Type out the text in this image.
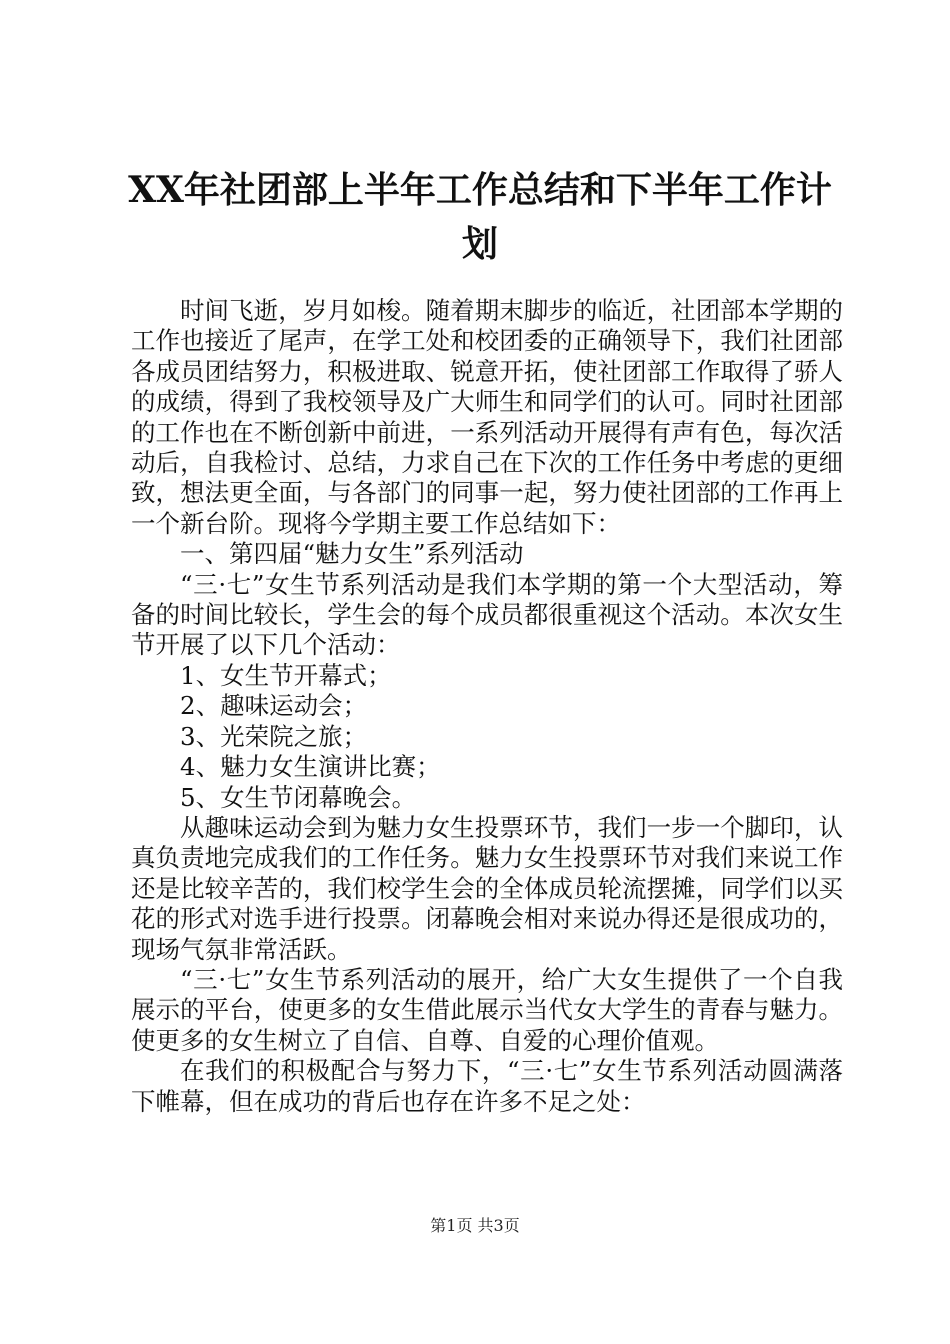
XX年社团部上半年工作总结和下半年工作计
划

时间飞逝，岁月如梭。随着期末脚步的临近，社团部本学期的工作也接近了尾声，在学工处和校团委的正确领导下，我们社团部各成员团结努力，积极进取、锐意开拓，使社团部工作取得了骄人的成绩，得到了我校领导及广大师生和同学们的认可。同时社团部的工作也在不断创新中前进，一系列活动开展得有声有色，每次活动后，自我检讨、总结，力求自己在下次的工作任务中考虑的更细致，想法更全面，与各部门的同事一起，努力使社团部的工作再上一个新台阶。现将今学期主要工作总结如下：

一、第四届“魅力女生”系列活动

“三·七”女生节系列活动是我们本学期的第一个大型活动，筹备的时间比较长，学生会的每个成员都很重视这个活动。本次女生节开展了以下几个活动：

1、女生节开幕式；

2、趣味运动会；

3、光荣院之旅；

4、魅力女生演讲比赛；

5、女生节闭幕晚会。

从趣味运动会到为魅力女生投票环节，我们一步一个脚印，认真负责地完成我们的工作任务。魅力女生投票环节对我们来说工作还是比较辛苦的，我们校学生会的全体成员轮流摆摊，同学们以买花的形式对选手进行投票。闭幕晚会相对来说办得还是很成功的，现场气氛非常活跃。

“三·七”女生节系列活动的展开，给广大女生提供了一个自我展示的平台，使更多的女生借此展示当代女大学生的青春与魅力。使更多的女生树立了自信、自尊、自爱的心理价值观。

在我们的积极配合与努力下，“三·七”女生节系列活动圆满落下帷幕，但在成功的背后也存在许多不足之处：

第1页 共3页
